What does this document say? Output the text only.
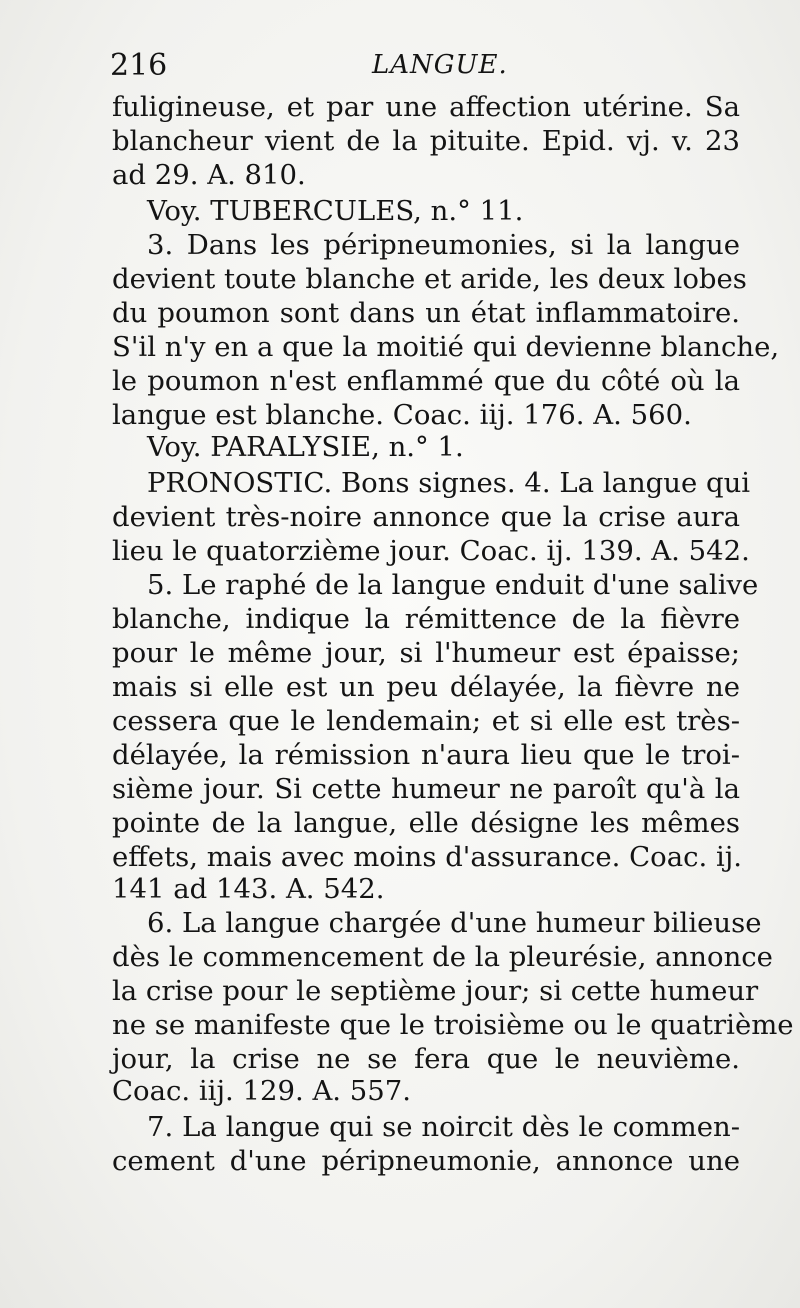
216	LANGUE.
fuligineuse, et par une affection utérine. Sa
blancheur vient de la pituite. Epid. vj. v. 23
ad 29. A. 810.
Voy. TUBERCULES, n.° 11.
3. Dans les péripneumonies, si la langue
devient toute blanche et aride, les deux lobes
du poumon sont dans un état inflammatoire.
S'il n'y en a que la moitié qui devienne blanche,
le poumon n'est enflammé que du côté où la
langue est blanche. Coac. iij. 176. A. 560.
Voy. PARALYSIE, n.° 1.
PRONOSTIC. Bons signes. 4. La langue qui
devient très-noire annonce que la crise aura
lieu le quatorzième jour. Coac. ij. 139. A. 542.
5. Le raphé de la langue enduit d'une salive
blanche, indique la rémittence de la fièvre
pour le même jour, si l'humeur est épaisse;
mais si elle est un peu délayée, la fièvre ne
cessera que le lendemain; et si elle est très-
délayée, la rémission n'aura lieu que le troi-
sième jour. Si cette humeur ne paroît qu'à la
pointe de la langue, elle désigne les mêmes
effets, mais avec moins d'assurance. Coac. ij.
141 ad 143. A. 542.
6. La langue chargée d'une humeur bilieuse
dès le commencement de la pleurésie, annonce
la crise pour le septième jour; si cette humeur
ne se manifeste que le troisième ou le quatrième
jour, la crise ne se fera que le neuvième.
Coac. iij. 129. A. 557.
7. La langue qui se noircit dès le commen-
cement d'une péripneumonie, annonce une
